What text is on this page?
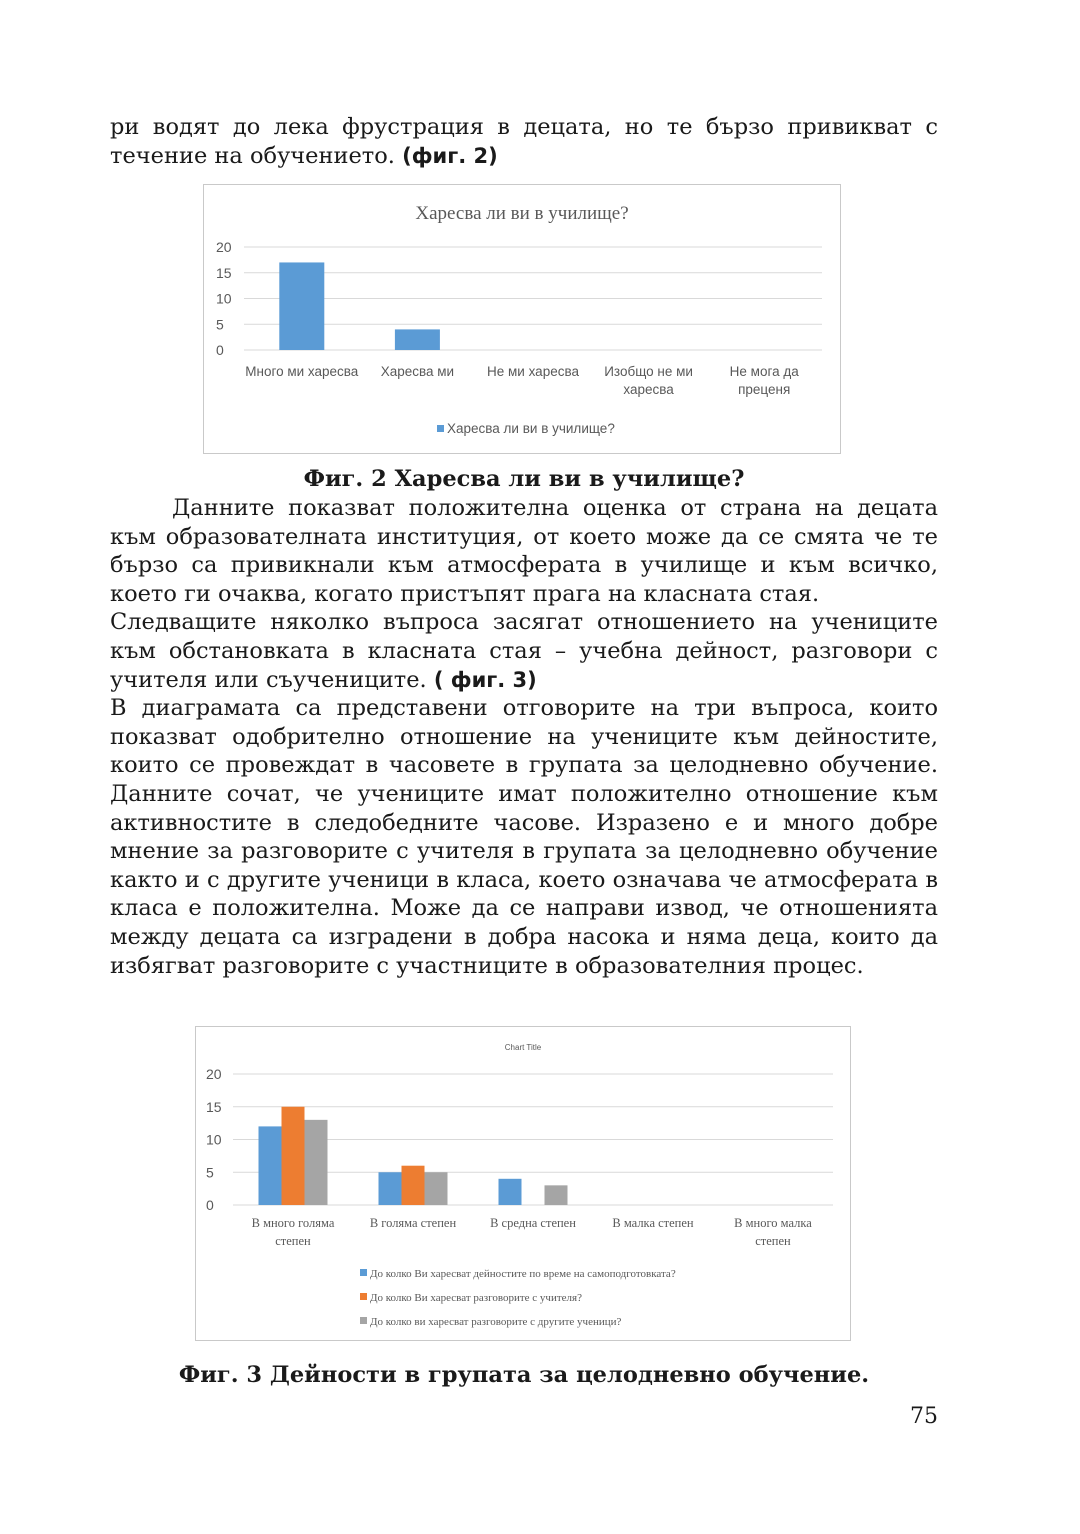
ри водят до лека фрустрация в децата, но те бързо привикват с

течение на обучението. (фиг. 2)

Харесва ли ви в училище?
0
5
10
15
20
Много ми харесва Харесва ми Не ми харесва Изобщо не ми
харесва
Не мога да
преценя
Харесва ли ви в училище?
Фиг. 2 Харесва ли ви в училище?

Данните показват положителна оценка от страна на децата към образователната институция, от което може да се смята че те бързо са привикнали към атмосферата в училище и към всичко, което ги очаква, когато пристъпят прага на класната стая.

Следващите няколко въпроса засягат отношението на учениците към обстановката в класната стая – учебна дейност, разговори с учителя или съучениците. ( фиг. 3)

В диаграмата са представени отговорите на три въпроса, които показват одобрително отношение на учениците към дейностите, които се провеждат в часовете в групата за целодневно обучение. Данните сочат, че учениците имат положително отношение към активностите в следобедните часове. Изразено е и много добре мнение за разговорите с учителя в групата за целодневно обучение както и с другите ученици в класа, което означава че атмосферата в класа е положителна. Може да се направи извод, че отношенията между децата са изградени в добра насока и няма деца, които да избягват разговорите с участниците в образователния процес.

Chart Title
0
5
10
15
20
В много голяма
степен
В голяма степен	В средна степен	В малка степен	В много малка
степен
До колко Ви харесват дейностите по време на самоподготовката?
До колко Ви харесват разговорите с учителя?
До колко ви харесват разговорите с другите ученици?
Фиг. 3 Дейности в групата за целодневно обучение.
75
